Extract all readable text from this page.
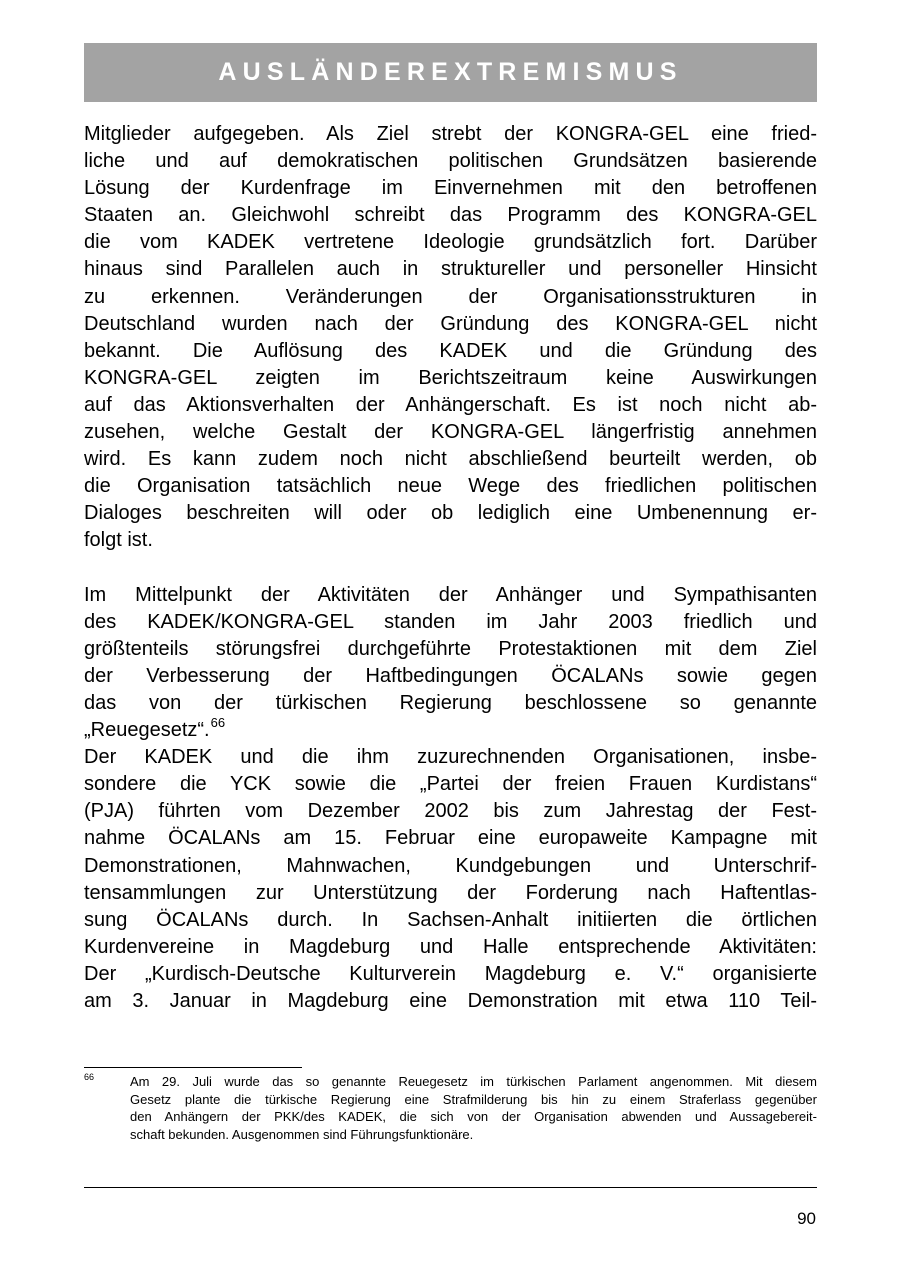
AUSLÄNDEREXTREMISMUS
Mitglieder aufgegeben. Als Ziel strebt der KONGRA-GEL eine fried-
liche und auf demokratischen politischen Grundsätzen basierende
Lösung der Kurdenfrage im Einvernehmen mit den betroffenen
Staaten an. Gleichwohl schreibt das Programm des KONGRA-GEL
die vom KADEK vertretene Ideologie grundsätzlich fort. Darüber
hinaus sind Parallelen auch in struktureller und personeller Hinsicht
zu erkennen. Veränderungen der Organisationsstrukturen in
Deutschland wurden nach der Gründung des KONGRA-GEL nicht
bekannt. Die Auflösung des KADEK und die Gründung des
KONGRA-GEL zeigten im Berichtszeitraum keine Auswirkungen
auf das Aktionsverhalten der Anhängerschaft. Es ist noch nicht ab-
zusehen, welche Gestalt der KONGRA-GEL längerfristig annehmen
wird. Es kann zudem noch nicht abschließend beurteilt werden, ob
die Organisation tatsächlich neue Wege des friedlichen politischen
Dialoges beschreiten will oder ob lediglich eine Umbenennung er-
folgt ist.
Im Mittelpunkt der Aktivitäten der Anhänger und Sympathisanten
des KADEK/KONGRA-GEL standen im Jahr 2003 friedlich und
größtenteils störungsfrei durchgeführte Protestaktionen mit dem Ziel
der Verbesserung der Haftbedingungen ÖCALANs sowie gegen
das von der türkischen Regierung beschlossene so genannte
„Reuegesetz“.$^{66}$
Der KADEK und die ihm zuzurechnenden Organisationen, insbe-
sondere die YCK sowie die „Partei der freien Frauen Kurdistans“
(PJA) führten vom Dezember 2002 bis zum Jahrestag der Fest-
nahme ÖCALANs am 15. Februar eine europaweite Kampagne mit
Demonstrationen, Mahnwachen, Kundgebungen und Unterschrif-
tensammlungen zur Unterstützung der Forderung nach Haftentlas-
sung ÖCALANs durch. In Sachsen-Anhalt initiierten die örtlichen
Kurdenvereine in Magdeburg und Halle entsprechende Aktivitäten:
Der „Kurdisch-Deutsche Kulturverein Magdeburg e. V.“ organisierte
am 3. Januar in Magdeburg eine Demonstration mit etwa 110 Teil-
66	Am 29. Juli wurde das so genannte Reuegesetz im türkischen Parlament angenommen. Mit diesem
Gesetz plante die türkische Regierung eine Strafmilderung bis hin zu einem Straferlass gegenüber
den Anhängern der PKK/des KADEK, die sich von der Organisation abwenden und Aussagebereit-
schaft bekunden. Ausgenommen sind Führungsfunktionäre.
90
